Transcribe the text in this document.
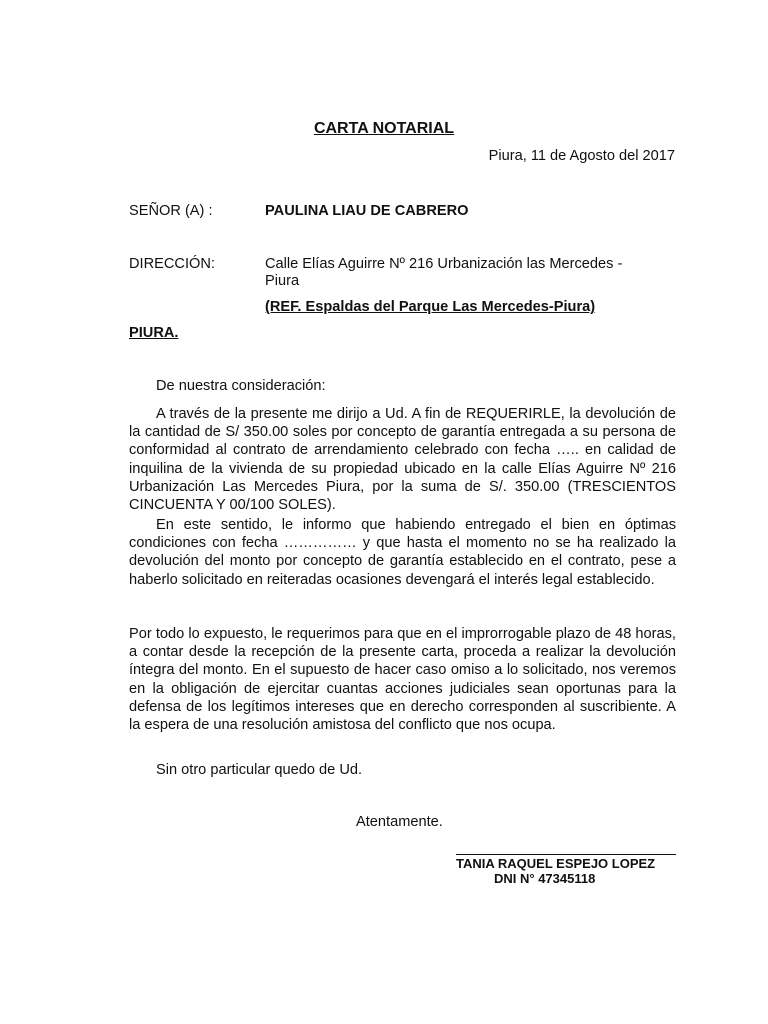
CARTA NOTARIAL
Piura, 11 de Agosto del 2017
SEÑOR (A) :	PAULINA LIAU DE CABRERO
DIRECCIÓN:	Calle Elías Aguirre Nº 216 Urbanización las Mercedes -
Piura
(REF. Espaldas del Parque Las Mercedes-Piura)
PIURA.
De nuestra consideración:

A través de la presente me dirijo a Ud. A fin de REQUERIRLE, la devolución de la cantidad de S/ 350.00 soles por concepto de garantía entregada a su persona de conformidad al contrato de arrendamiento celebrado con fecha ….. en calidad de inquilina de la vivienda de su propiedad ubicado en la calle Elías Aguirre Nº 216 Urbanización Las Mercedes Piura, por la suma de S/. 350.00 (TRESCIENTOS CINCUENTA Y 00/100 SOLES).

En este sentido, le informo que habiendo entregado el bien en óptimas condiciones con fecha …………… y que hasta el momento no se ha realizado la devolución del monto por concepto de garantía establecido en el contrato, pese a haberlo solicitado en reiteradas ocasiones devengará el interés legal establecido.

Por todo lo expuesto, le requerimos para que en el improrrogable plazo de 48 horas, a contar desde la recepción de la presente carta, proceda a realizar la devolución íntegra del monto. En el supuesto de hacer caso omiso a lo solicitado, nos veremos en la obligación de ejercitar cuantas acciones judiciales sean oportunas para la defensa de los legítimos intereses que en derecho corresponden al suscribiente. A la espera de una resolución amistosa del conflicto que nos ocupa.

Sin otro particular quedo de Ud.
Atentamente.
TANIA RAQUEL ESPEJO LOPEZ
DNI N° 47345118
